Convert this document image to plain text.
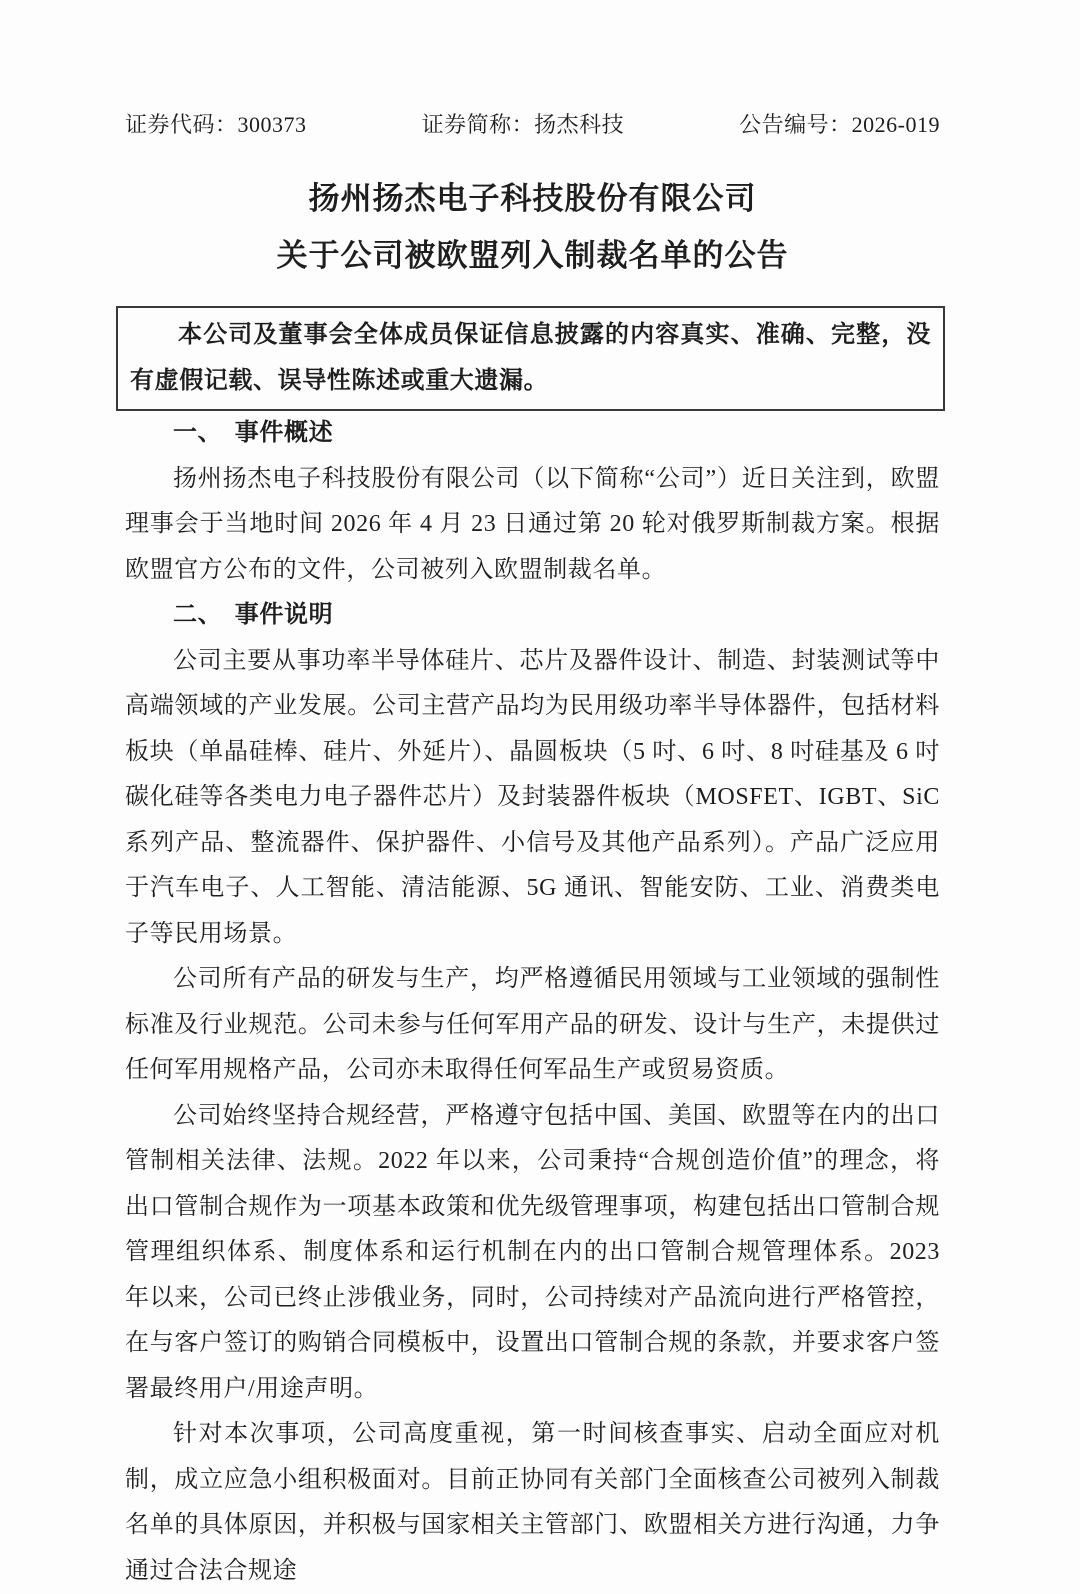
证券代码：300373	证券简称：扬杰科技	公告编号：2026-019
扬州扬杰电子科技股份有限公司
关于公司被欧盟列入制裁名单的公告

本公司及董事会全体成员保证信息披露的内容真实、准确、完整，没有虚假记载、误导性陈述或重大遗漏。

一、　事件概述

扬州扬杰电子科技股份有限公司（以下简称“公司”）近日关注到，欧盟理事会于当地时间 2026 年 4 月 23 日通过第 20 轮对俄罗斯制裁方案。根据欧盟官方公布的文件，公司被列入欧盟制裁名单。

二、　事件说明

公司主要从事功率半导体硅片、芯片及器件设计、制造、封装测试等中高端领域的产业发展。公司主营产品均为民用级功率半导体器件，包括材料板块（单晶硅棒、硅片、外延片）、晶圆板块（5 吋、6 吋、8 吋硅基及 6 吋碳化硅等各类电力电子器件芯片）及封装器件板块（MOSFET、IGBT、SiC 系列产品、整流器件、保护器件、小信号及其他产品系列）。产品广泛应用于汽车电子、人工智能、清洁能源、5G 通讯、智能安防、工业、消费类电子等民用场景。

公司所有产品的研发与生产，均严格遵循民用领域与工业领域的强制性标准及行业规范。公司未参与任何军用产品的研发、设计与生产，未提供过任何军用规格产品，公司亦未取得任何军品生产或贸易资质。

公司始终坚持合规经营，严格遵守包括中国、美国、欧盟等在内的出口管制相关法律、法规。2022 年以来，公司秉持“合规创造价值”的理念，将出口管制合规作为一项基本政策和优先级管理事项，构建包括出口管制合规管理组织体系、制度体系和运行机制在内的出口管制合规管理体系。2023 年以来，公司已终止涉俄业务，同时，公司持续对产品流向进行严格管控，在与客户签订的购销合同模板中，设置出口管制合规的条款，并要求客户签署最终用户/用途声明。

针对本次事项，公司高度重视，第一时间核查事实、启动全面应对机制，成立应急小组积极面对。目前正协同有关部门全面核查公司被列入制裁名单的具体原因，并积极与国家相关主管部门、欧盟相关方进行沟通，力争通过合法合规途
